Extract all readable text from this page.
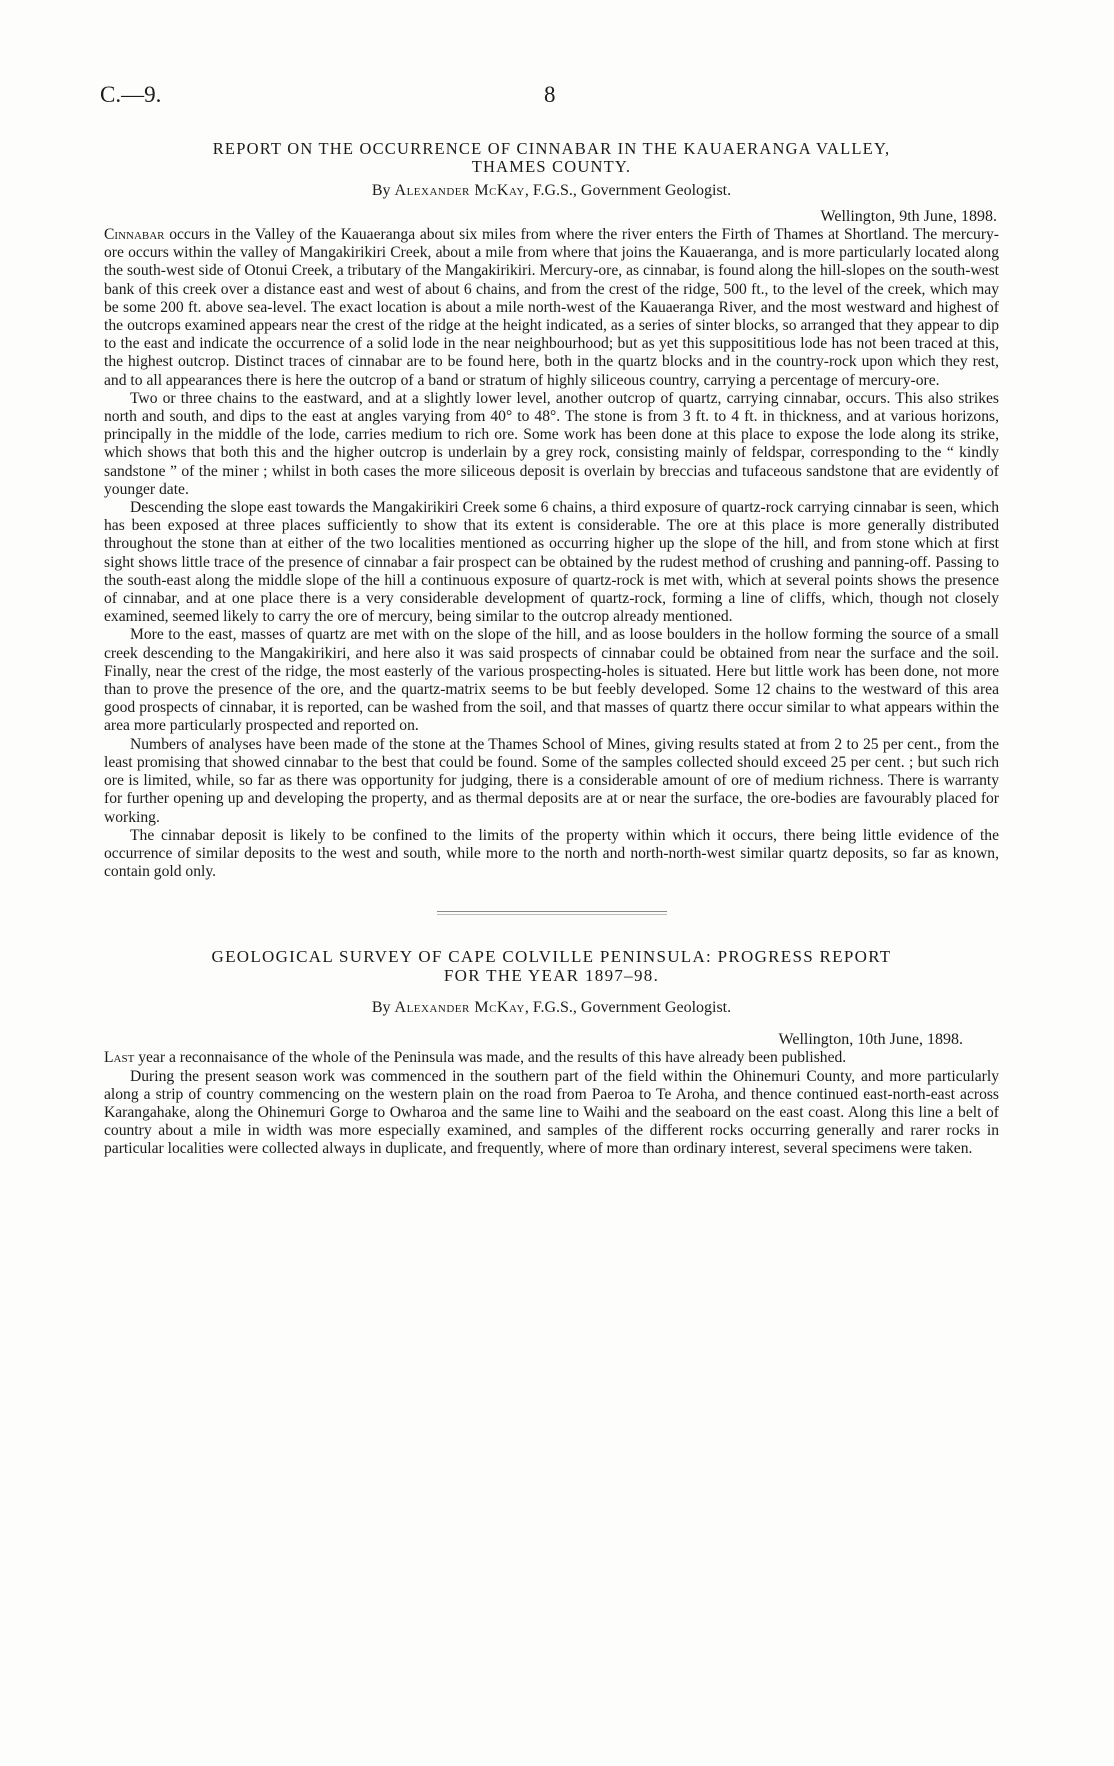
C.—9.	8
REPORT ON THE OCCURRENCE OF CINNABAR IN THE KAUAERANGA VALLEY,
THAMES COUNTY.
By Alexander McKay, F.G.S., Government Geologist.
Wellington, 9th June, 1898.

Cinnabar occurs in the Valley of the Kauaeranga about six miles from where the river enters the Firth of Thames at Shortland. The mercury-ore occurs within the valley of Mangakirikiri Creek, about a mile from where that joins the Kauaeranga, and is more particularly located along the south-west side of Otonui Creek, a tributary of the Mangakirikiri. Mercury-ore, as cinnabar, is found along the hill-slopes on the south-west bank of this creek over a distance east and west of about 6 chains, and from the crest of the ridge, 500 ft., to the level of the creek, which may be some 200 ft. above sea-level. The exact location is about a mile north-west of the Kauaeranga River, and the most westward and highest of the outcrops examined appears near the crest of the ridge at the height indicated, as a series of sinter blocks, so arranged that they appear to dip to the east and indicate the occurrence of a solid lode in the near neighbourhood; but as yet this supposititious lode has not been traced at this, the highest outcrop. Distinct traces of cinnabar are to be found here, both in the quartz blocks and in the country-rock upon which they rest, and to all appearances there is here the outcrop of a band or stratum of highly siliceous country, carrying a percentage of mercury-ore.

Two or three chains to the eastward, and at a slightly lower level, another outcrop of quartz, carrying cinnabar, occurs. This also strikes north and south, and dips to the east at angles varying from 40° to 48°. The stone is from 3 ft. to 4 ft. in thickness, and at various horizons, principally in the middle of the lode, carries medium to rich ore. Some work has been done at this place to expose the lode along its strike, which shows that both this and the higher outcrop is underlain by a grey rock, consisting mainly of feldspar, corresponding to the “ kindly sandstone ” of the miner ; whilst in both cases the more siliceous deposit is overlain by breccias and tufaceous sandstone that are evidently of younger date.

Descending the slope east towards the Mangakirikiri Creek some 6 chains, a third exposure of quartz-rock carrying cinnabar is seen, which has been exposed at three places sufficiently to show that its extent is considerable. The ore at this place is more generally distributed throughout the stone than at either of the two localities mentioned as occurring higher up the slope of the hill, and from stone which at first sight shows little trace of the presence of cinnabar a fair prospect can be obtained by the rudest method of crushing and panning-off. Passing to the south-east along the middle slope of the hill a continuous exposure of quartz-rock is met with, which at several points shows the presence of cinnabar, and at one place there is a very considerable development of quartz-rock, forming a line of cliffs, which, though not closely examined, seemed likely to carry the ore of mercury, being similar to the outcrop already mentioned.

More to the east, masses of quartz are met with on the slope of the hill, and as loose boulders in the hollow forming the source of a small creek descending to the Mangakirikiri, and here also it was said prospects of cinnabar could be obtained from near the surface and the soil. Finally, near the crest of the ridge, the most easterly of the various prospecting-holes is situated. Here but little work has been done, not more than to prove the presence of the ore, and the quartz-matrix seems to be but feebly developed. Some 12 chains to the westward of this area good prospects of cinnabar, it is reported, can be washed from the soil, and that masses of quartz there occur similar to what appears within the area more particularly prospected and reported on.

Numbers of analyses have been made of the stone at the Thames School of Mines, giving results stated at from 2 to 25 per cent., from the least promising that showed cinnabar to the best that could be found. Some of the samples collected should exceed 25 per cent. ; but such rich ore is limited, while, so far as there was opportunity for judging, there is a considerable amount of ore of medium richness. There is warranty for further opening up and developing the property, and as thermal deposits are at or near the surface, the ore-bodies are favourably placed for working.

The cinnabar deposit is likely to be confined to the limits of the property within which it occurs, there being little evidence of the occurrence of similar deposits to the west and south, while more to the north and north-north-west similar quartz deposits, so far as known, contain gold only.

GEOLOGICAL SURVEY OF CAPE COLVILLE PENINSULA: PROGRESS REPORT
FOR THE YEAR 1897–98.
By Alexander McKay, F.G.S., Government Geologist.
Wellington, 10th June, 1898.

Last year a reconnaisance of the whole of the Peninsula was made, and the results of this have already been published.

During the present season work was commenced in the southern part of the field within the Ohinemuri County, and more particularly along a strip of country commencing on the western plain on the road from Paeroa to Te Aroha, and thence continued east-north-east across Karangahake, along the Ohinemuri Gorge to Owharoa and the same line to Waihi and the seaboard on the east coast. Along this line a belt of country about a mile in width was more especially examined, and samples of the different rocks occurring generally and rarer rocks in particular localities were collected always in duplicate, and frequently, where of more than ordinary interest, several specimens were taken.
